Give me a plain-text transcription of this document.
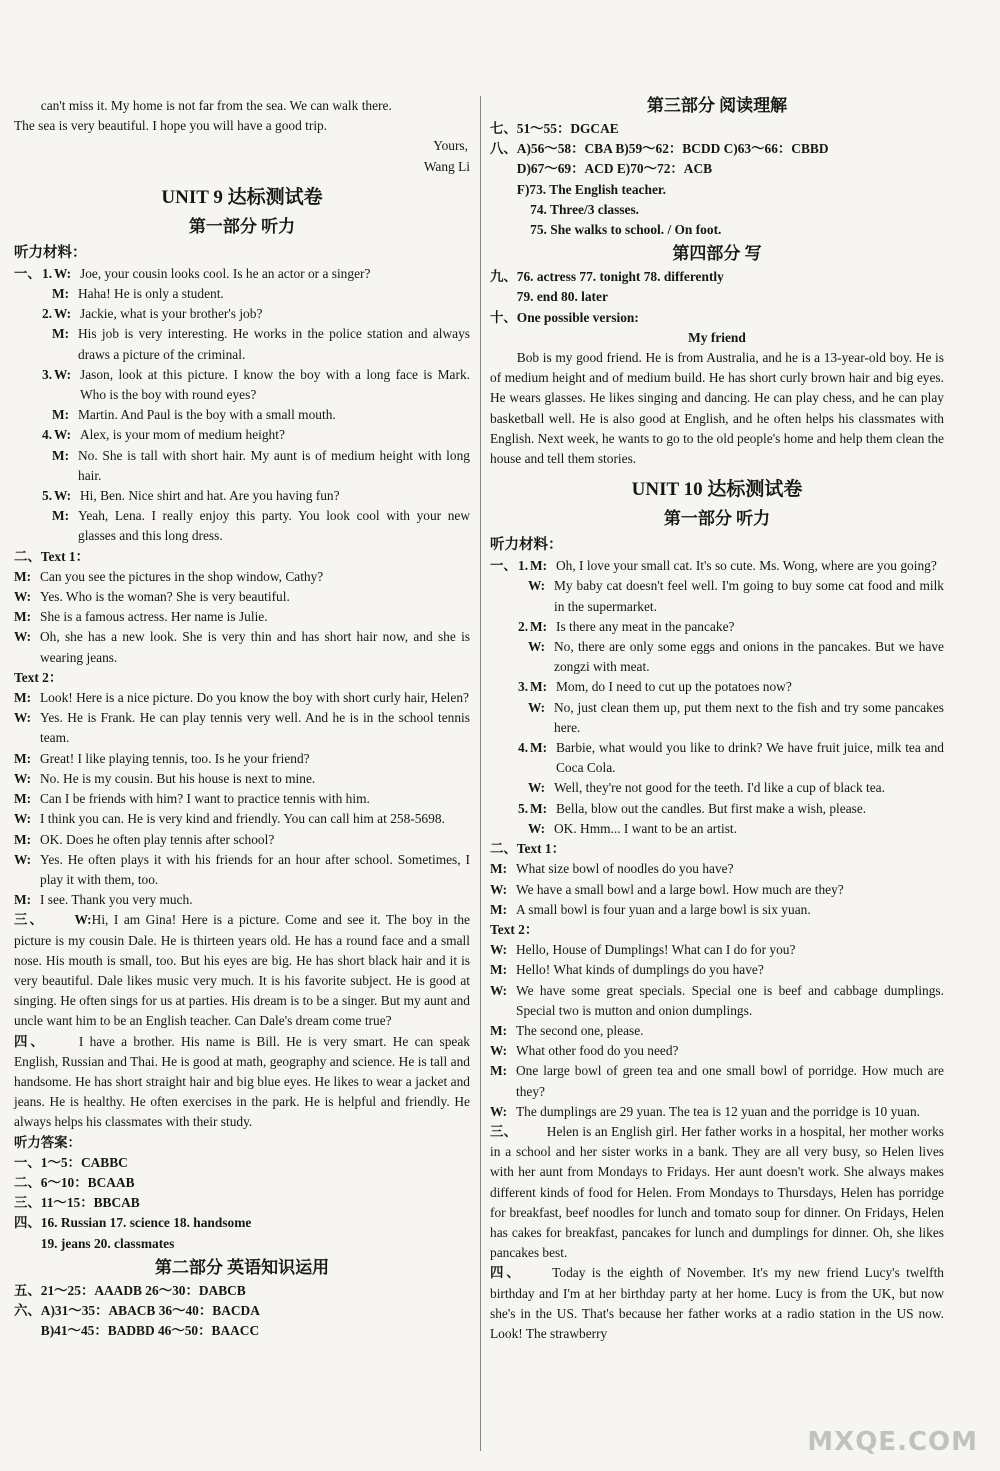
can't miss it. My home is not far from the sea. We can walk there.

The sea is very beautiful. I hope you will have a good trip.

Yours,

Wang Li

UNIT 9 达标测试卷
第一部分 听力
听力材料：
一、 1. W: Joe, your cousin looks cool. Is he an actor or a singer?
M: Haha! He is only a student.
2. W: Jackie, what is your brother's job?
M: His job is very interesting. He works in the police station and always draws a picture of the criminal.
3. W: Jason, look at this picture. I know the boy with a long face is Mark. Who is the boy with round eyes?
M: Martin. And Paul is the boy with a small mouth.
4. W: Alex, is your mom of medium height?
M: No. She is tall with short hair. My aunt is of medium height with long hair.
5. W: Hi, Ben. Nice shirt and hat. Are you having fun?
M: Yeah, Lena. I really enjoy this party. You look cool with your new glasses and this long dress.
二、Text 1：
M: Can you see the pictures in the shop window, Cathy?
W: Yes. Who is the woman? She is very beautiful.
M: She is a famous actress. Her name is Julie.
W: Oh, she has a new look. She is very thin and has short hair now, and she is wearing jeans.
Text 2：
M: Look! Here is a nice picture. Do you know the boy with short curly hair, Helen?
W: Yes. He is Frank. He can play tennis very well. And he is in the school tennis team.
M: Great! I like playing tennis, too. Is he your friend?
W: No. He is my cousin. But his house is next to mine.
M: Can I be friends with him? I want to practice tennis with him.
W: I think you can. He is very kind and friendly. You can call him at 258-5698.
M: OK. Does he often play tennis after school?
W: Yes. He often plays it with his friends for an hour after school. Sometimes, I play it with them, too.
M: I see. Thank you very much.

三、 W:Hi, I am Gina! Here is a picture. Come and see it. The boy in the picture is my cousin Dale. He is thirteen years old. He has a round face and a small nose. His mouth is small, too. But his eyes are big. He has short black hair and it is very beautiful. Dale likes music very much. It is his favorite subject. He is good at singing. He often sings for us at parties. His dream is to be a singer. But my aunt and uncle want him to be an English teacher. Can Dale's dream come true?

四、 I have a brother. His name is Bill. He is very smart. He can speak English, Russian and Thai. He is good at math, geography and science. He is tall and handsome. He has short straight hair and big blue eyes. He likes to wear a jacket and jeans. He is healthy. He often exercises in the park. He is helpful and friendly. He always helps his classmates with their study.

听力答案：

一、1～5：CABBC

二、6～10：BCAAB

三、11～15：BBCAB

四、16. Russian 17. science 18. handsome

　　19. jeans 20. classmates

第二部分 英语知识运用

五、21～25：AAADB 26～30：DABCB

六、A)31～35：ABACB 36～40：BACDA

　　B)41～45：BADBD 46～50：BAACC

第三部分 阅读理解

七、51～55：DGCAE

八、A)56～58：CBA B)59～62：BCDD C)63～66：CBBD

　　D)67～69：ACD E)70～72：ACB

　　F)73. The English teacher.

　　　74. Three/3 classes.

　　　75. She walks to school. / On foot.

第四部分 写

九、76. actress 77. tonight 78. differently

　　79. end 80. later

十、One possible version:

My friend

Bob is my good friend. He is from Australia, and he is a 13-year-old boy. He is of medium height and of medium build. He has short curly brown hair and big eyes. He wears glasses. He likes singing and dancing. He can play chess, and he can play basketball well. He is also good at English, and he often helps his classmates with English. Next week, he wants to go to the old people's home and help them clean the house and tell them stories.

UNIT 10 达标测试卷
第一部分 听力
听力材料：
一、 1. M: Oh, I love your small cat. It's so cute. Ms. Wong, where are you going?
W: My baby cat doesn't feel well. I'm going to buy some cat food and milk in the supermarket.
2. M: Is there any meat in the pancake?
W: No, there are only some eggs and onions in the pancakes. But we have zongzi with meat.
3. M: Mom, do I need to cut up the potatoes now?
W: No, just clean them up, put them next to the fish and try some pancakes here.
4. M: Barbie, what would you like to drink? We have fruit juice, milk tea and Coca Cola.
W: Well, they're not good for the teeth. I'd like a cup of black tea.
5. M: Bella, blow out the candles. But first make a wish, please.
W: OK. Hmm... I want to be an artist.
二、Text 1：
M: What size bowl of noodles do you have?
W: We have a small bowl and a large bowl. How much are they?
M: A small bowl is four yuan and a large bowl is six yuan.
Text 2：
W: Hello, House of Dumplings! What can I do for you?
M: Hello! What kinds of dumplings do you have?
W: We have some great specials. Special one is beef and cabbage dumplings. Special two is mutton and onion dumplings.
M: The second one, please.
W: What other food do you need?
M: One large bowl of green tea and one small bowl of porridge. How much are they?
W: The dumplings are 29 yuan. The tea is 12 yuan and the porridge is 10 yuan.

三、 Helen is an English girl. Her father works in a hospital, her mother works in a school and her sister works in a bank. They are all very busy, so Helen lives with her aunt from Mondays to Fridays. Her aunt doesn't work. She always makes different kinds of food for Helen. From Mondays to Thursdays, Helen has porridge for breakfast, beef noodles for lunch and tomato soup for dinner. On Fridays, Helen has cakes for breakfast, pancakes for lunch and dumplings for dinner. Oh, she likes pancakes best.

四、 Today is the eighth of November. It's my new friend Lucy's twelfth birthday and I'm at her birthday party at her home. Lucy is from the UK, but now she's in the US. That's because her father works at a radio station in the US now. Look! The strawberry

MXQE.COM
